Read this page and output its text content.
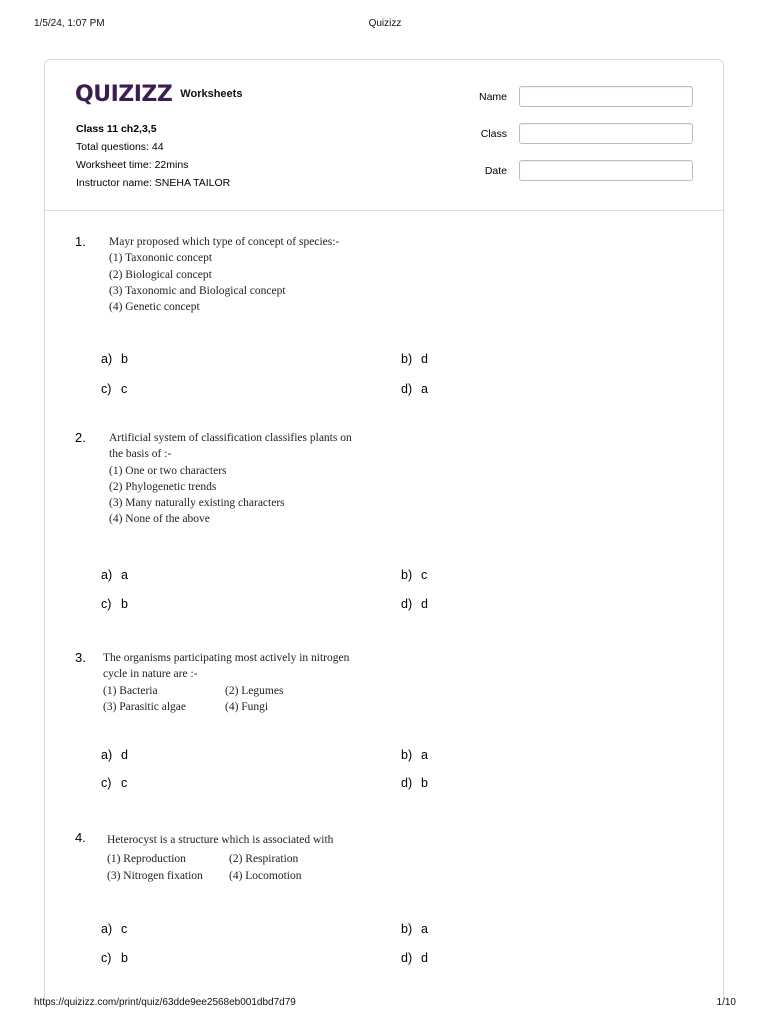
1/5/24, 1:07 PM	Quizizz
QUIZIZZ Worksheets
Class 11 ch2,3,5
Total questions: 44
Worksheet time: 22mins
Instructor name: SNEHA TAILOR
Name
Class
Date
1. Mayr proposed which type of concept of species:-
(1) Taxononic concept
(2) Biological concept
(3) Taxonomic and Biological concept
(4) Genetic concept
a) b	b) d
c) c	d) a
2. Artificial system of classification classifies plants on
the basis of :-
(1) One or two characters
(2) Phylogenetic trends
(3) Many naturally existing characters
(4) None of the above
a) a	b) c
c) b	d) d
3. The organisms participating most actively in nitrogen
cycle in nature are :-
(1) Bacteria	(2) Legumes
(3) Parasitic algae	(4) Fungi
a) d	b) a
c) c	d) b
4. Heterocyst is a structure which is associated with
(1) Reproduction	(2) Respiration
(3) Nitrogen fixation	(4) Locomotion
a) c	b) a
c) b	d) d
https://quizizz.com/print/quiz/63dde9ee2568eb001dbd7d79	1/10
